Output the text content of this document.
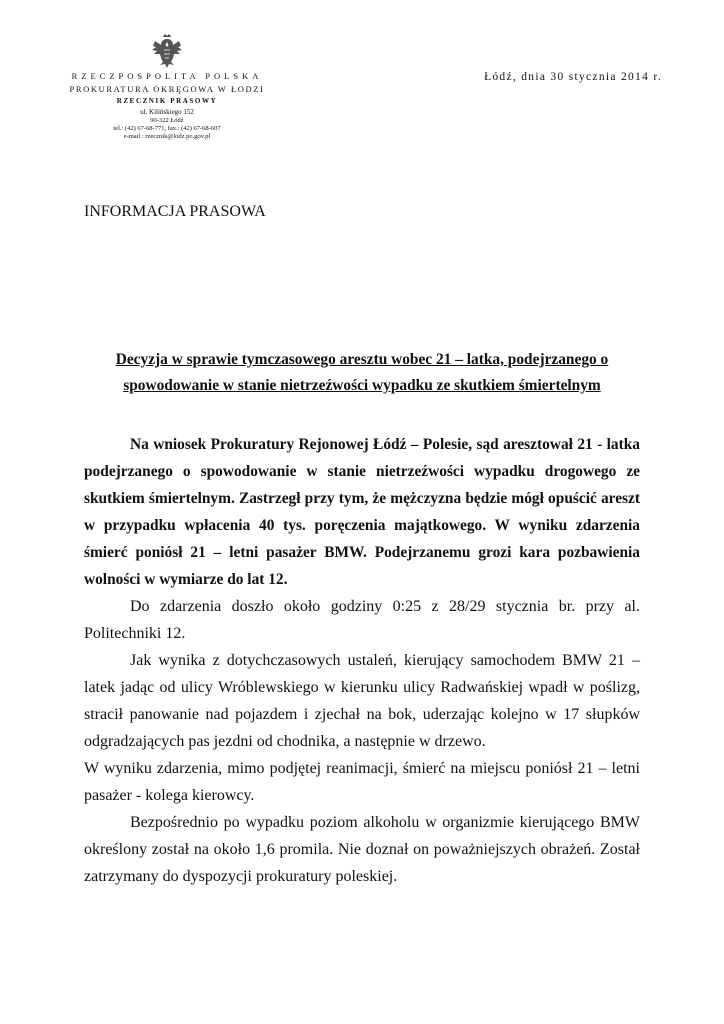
RZECZPOSPOLITA POLSKA
PROKURATURA OKRĘGOWA W ŁODZI
RZECZNIK PRASOWY
ul. Kilińskiego 152
90-322 Łódź
tel.: (42) 67-68-771, fax.: (42) 67-68-607
e-mail : rzecznik@lodz.po.gov.pl
Łódź, dnia 30 stycznia 2014 r.
INFORMACJA PRASOWA
Decyzja w sprawie tymczasowego aresztu wobec 21 – latka, podejrzanego o
spowodowanie w stanie nietrzeźwości wypadku ze skutkiem śmiertelnym

Na wniosek Prokuratury Rejonowej Łódź – Polesie, sąd aresztował 21 - latka podejrzanego o spowodowanie w stanie nietrzeźwości wypadku drogowego ze skutkiem śmiertelnym. Zastrzegł przy tym, że mężczyzna będzie mógł opuścić areszt w przypadku wpłacenia 40 tys. poręczenia majątkowego. W wyniku zdarzenia śmierć poniósł 21 – letni pasażer BMW. Podejrzanemu grozi kara pozbawienia wolności w wymiarze do lat 12.

Do zdarzenia doszło około godziny 0:25 z 28/29 stycznia br. przy al. Politechniki 12.

Jak wynika z dotychczasowych ustaleń, kierujący samochodem BMW 21 – latek jadąc od ulicy Wróblewskiego w kierunku ulicy Radwańskiej wpadł w poślizg, stracił panowanie nad pojazdem i zjechał na bok, uderzając kolejno w 17 słupków odgradzających pas jezdni od chodnika, a następnie w drzewo.

W wyniku zdarzenia, mimo podjętej reanimacji, śmierć na miejscu poniósł 21 – letni pasażer - kolega kierowcy.

Bezpośrednio po wypadku poziom alkoholu w organizmie kierującego BMW określony został na około 1,6 promila. Nie doznał on poważniejszych obrażeń. Został zatrzymany do dyspozycji prokuratury poleskiej.
